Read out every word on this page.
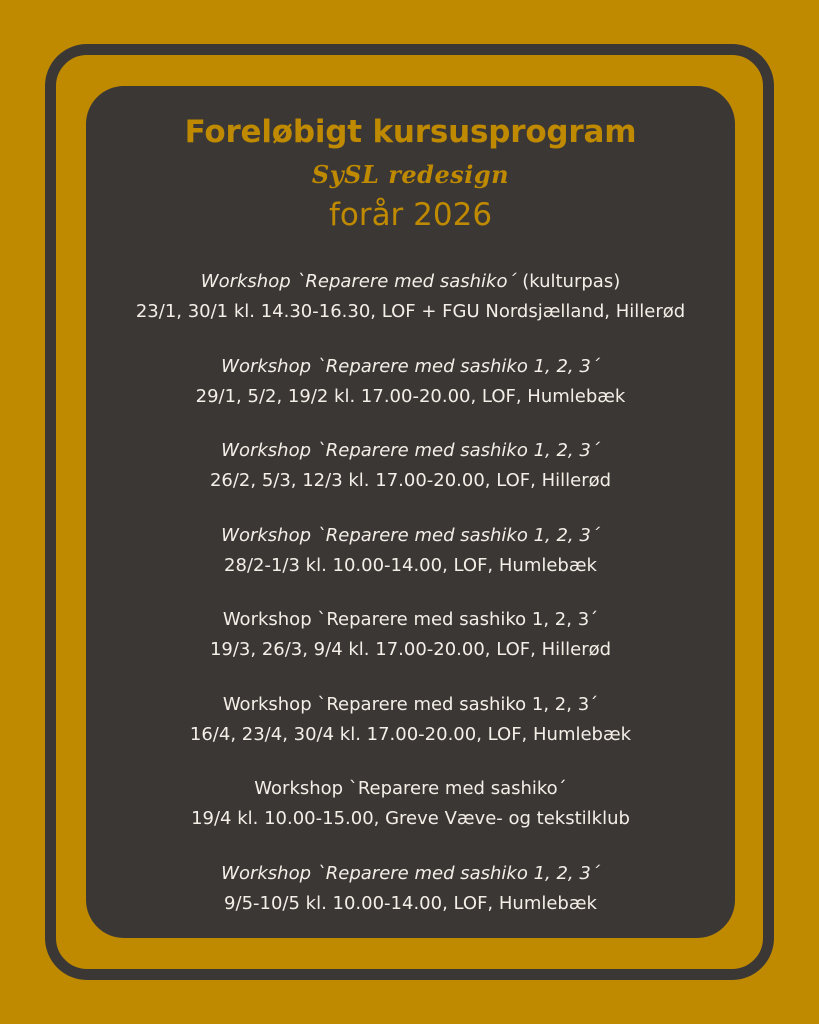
Foreløbigt kursusprogram
SySL redesign
forår 2026
Workshop `Reparere med sashiko´ (kulturpas)
23/1, 30/1 kl. 14.30-16.30, LOF + FGU Nordsjælland, Hillerød
Workshop `Reparere med sashiko 1, 2, 3´
29/1, 5/2, 19/2 kl. 17.00-20.00, LOF, Humlebæk
Workshop `Reparere med sashiko 1, 2, 3´
26/2, 5/3, 12/3 kl. 17.00-20.00, LOF, Hillerød
Workshop `Reparere med sashiko 1, 2, 3´
28/2-1/3 kl. 10.00-14.00, LOF, Humlebæk
Workshop `Reparere med sashiko 1, 2, 3´
19/3, 26/3, 9/4 kl. 17.00-20.00, LOF, Hillerød
Workshop `Reparere med sashiko 1, 2, 3´
16/4, 23/4, 30/4 kl. 17.00-20.00, LOF, Humlebæk
Workshop `Reparere med sashiko´
19/4 kl. 10.00-15.00, Greve Væve- og tekstilklub
Workshop `Reparere med sashiko 1, 2, 3´
9/5-10/5 kl. 10.00-14.00, LOF, Humlebæk
